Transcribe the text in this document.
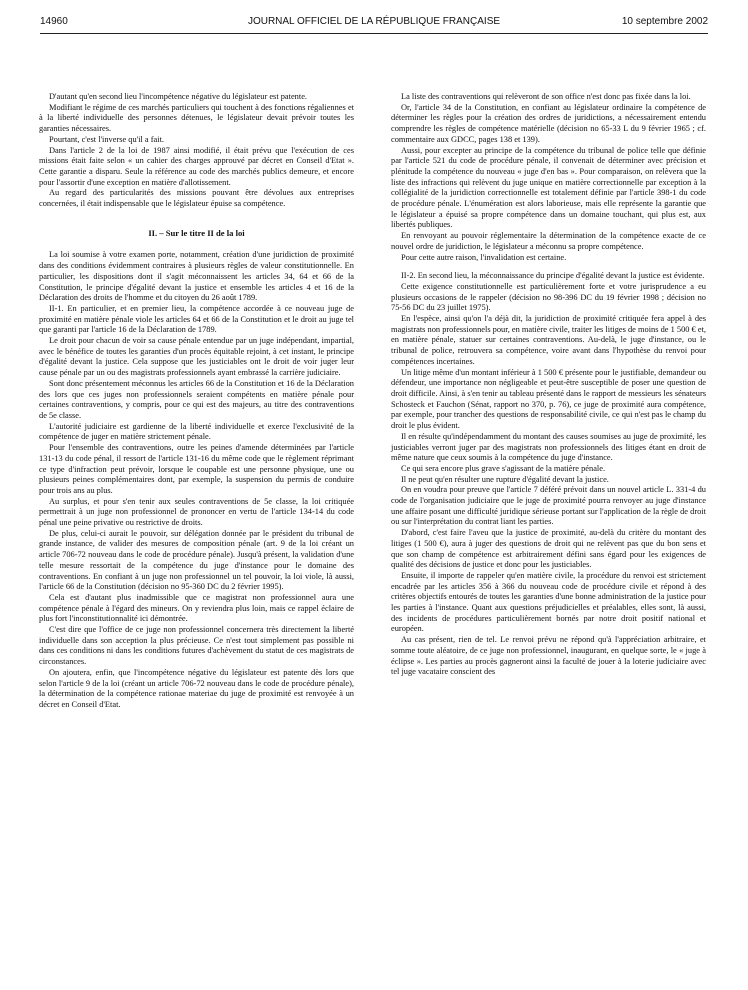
14960	JOURNAL OFFICIEL DE LA RÉPUBLIQUE FRANÇAISE	10 septembre 2002

D'autant qu'en second lieu l'incompétence négative du législateur est patente.

Modifiant le régime de ces marchés particuliers qui touchent à des fonctions régaliennes et à la liberté individuelle des personnes détenues, le législateur devait prévoir toutes les garanties nécessaires.

Pourtant, c'est l'inverse qu'il a fait.

Dans l'article 2 de la loi de 1987 ainsi modifié, il était prévu que l'exécution de ces missions était faite selon « un cahier des charges approuvé par décret en Conseil d'Etat ». Cette garantie a disparu. Seule la référence au code des marchés publics demeure, et encore pour l'assortir d'une exception en matière d'allotissement.

Au regard des particularités des missions pouvant être dévolues aux entreprises concernées, il était indispensable que le législateur épuise sa compétence.

II. – Sur le titre II de la loi

La loi soumise à votre examen porte, notamment, création d'une juridiction de proximité dans des conditions évidemment contraires à plusieurs règles de valeur constitutionnelle. En particulier, les dispositions dont il s'agit méconnaissent les articles 34, 64 et 66 de la Constitution, le principe d'égalité devant la justice et ensemble les articles 4 et 16 de la Déclaration des droits de l'homme et du citoyen du 26 août 1789.

II-1. En particulier, et en premier lieu, la compétence accordée à ce nouveau juge de proximité en matière pénale viole les articles 64 et 66 de la Constitution et le droit au juge tel que garanti par l'article 16 de la Déclaration de 1789.

Le droit pour chacun de voir sa cause pénale entendue par un juge indépendant, impartial, avec le bénéfice de toutes les garanties d'un procès équitable rejoint, à cet instant, le principe d'égalité devant la justice. Cela suppose que les justiciables ont le droit de voir juger leur cause pénale par un ou des magistrats professionnels ayant embrassé la carrière judiciaire.

Sont donc présentement méconnus les articles 66 de la Constitution et 16 de la Déclaration des lors que ces juges non professionnels seraient compétents en matière pénale pour certaines contraventions, y compris, pour ce qui est des majeurs, au titre des contraventions de 5e classe.

L'autorité judiciaire est gardienne de la liberté individuelle et exerce l'exclusivité de la compétence de juger en matière strictement pénale.

Pour l'ensemble des contraventions, outre les peines d'amende déterminées par l'article 131-13 du code pénal, il ressort de l'article 131-16 du même code que le règlement réprimant ce type d'infraction peut prévoir, lorsque le coupable est une personne physique, une ou plusieurs peines complémentaires dont, par exemple, la suspension du permis de conduire pour trois ans au plus.

Au surplus, et pour s'en tenir aux seules contraventions de 5e classe, la loi critiquée permettrait à un juge non professionnel de prononcer en vertu de l'article 134-14 du code pénal une peine privative ou restrictive de droits.

De plus, celui-ci aurait le pouvoir, sur délégation donnée par le président du tribunal de grande instance, de valider des mesures de composition pénale (art. 9 de la loi créant un article 706-72 nouveau dans le code de procédure pénale). Jusqu'à présent, la validation d'une telle mesure ressortait de la compétence du juge d'instance pour le domaine des contraventions. En confiant à un juge non professionnel un tel pouvoir, la loi viole, là aussi, l'article 66 de la Constitution (décision no 95-360 DC du 2 février 1995).

Cela est d'autant plus inadmissible que ce magistrat non professionnel aura une compétence pénale à l'égard des mineurs. On y reviendra plus loin, mais ce rappel éclaire de plus fort l'inconstitutionnalité ici démontrée.

C'est dire que l'office de ce juge non professionnel concernera très directement la liberté individuelle dans son acception la plus précieuse. Ce n'est tout simplement pas possible ni dans ces conditions ni dans les conditions futures d'achèvement du statut de ces magistrats de circonstances.

On ajoutera, enfin, que l'incompétence négative du législateur est patente dès lors que selon l'article 9 de la loi (créant un article 706-72 nouveau dans le code de procédure pénale), la détermination de la compétence rationae materiae du juge de proximité est renvoyée à un décret en Conseil d'Etat.

La liste des contraventions qui relèveront de son office n'est donc pas fixée dans la loi.

Or, l'article 34 de la Constitution, en confiant au législateur ordinaire la compétence de déterminer les règles pour la création des ordres de juridictions, a nécessairement entendu comprendre les règles de compétence matérielle (décision no 65-33 L du 9 février 1965 ; cf. commentaire aux GDCC, pages 138 et 139).

Aussi, pour excepter au principe de la compétence du tribunal de police telle que définie par l'article 521 du code de procédure pénale, il convenait de déterminer avec précision et plénitude la compétence du nouveau « juge d'en bas ». Pour comparaison, on relèvera que la liste des infractions qui relèvent du juge unique en matière correctionnelle par exception à la collégialité de la juridiction correctionnelle est totalement définie par l'article 398-1 du code de procédure pénale. L'énumération est alors laborieuse, mais elle représente la garantie que le législateur a épuisé sa propre compétence dans un domaine touchant, qui plus est, aux libertés publiques.

En renvoyant au pouvoir réglementaire la détermination de la compétence exacte de ce nouvel ordre de juridiction, le législateur a méconnu sa propre compétence.

Pour cette autre raison, l'invalidation est certaine.

II-2. En second lieu, la méconnaissance du principe d'égalité devant la justice est évidente.

Cette exigence constitutionnelle est particulièrement forte et votre jurisprudence a eu plusieurs occasions de le rappeler (décision no 98-396 DC du 19 février 1998 ; décision no 75-56 DC du 23 juillet 1975).

En l'espèce, ainsi qu'on l'a déjà dit, la juridiction de proximité critiquée fera appel à des magistrats non professionnels pour, en matière civile, traiter les litiges de moins de 1 500 € et, en matière pénale, statuer sur certaines contraventions. Au-delà, le juge d'instance, ou le tribunal de police, retrouvera sa compétence, voire avant dans l'hypothèse du renvoi pour compétences incertaines.

Un litige même d'un montant inférieur à 1 500 € présente pour le justifiable, demandeur ou défendeur, une importance non négligeable et peut-être susceptible de poser une question de droit difficile. Ainsi, à s'en tenir au tableau présenté dans le rapport de messieurs les sénateurs Schosteck et Fauchon (Sénat, rapport no 370, p. 76), ce juge de proximité aura compétence, par exemple, pour trancher des questions de responsabilité civile, ce qui n'est pas le champ du droit le plus évident.

Il en résulte qu'indépendamment du montant des causes soumises au juge de proximité, les justiciables verront juger par des magistrats non professionnels des litiges étant en droit de même nature que ceux soumis à la compétence du juge d'instance.

Ce qui sera encore plus grave s'agissant de la matière pénale.

Il ne peut qu'en résulter une rupture d'égalité devant la justice.

On en voudra pour preuve que l'article 7 déféré prévoit dans un nouvel article L. 331-4 du code de l'organisation judiciaire que le juge de proximité pourra renvoyer au juge d'instance une affaire posant une difficulté juridique sérieuse portant sur l'application de la règle de droit ou sur l'interprétation du contrat liant les parties.

D'abord, c'est faire l'aveu que la justice de proximité, au-delà du critère du montant des litiges (1 500 €), aura à juger des questions de droit qui ne relèvent pas que du bon sens et que son champ de compétence est arbitrairement défini sans égard pour les exigences de qualité des décisions de justice et donc pour les justiciables.

Ensuite, il importe de rappeler qu'en matière civile, la procédure du renvoi est strictement encadrée par les articles 356 à 366 du nouveau code de procédure civile et répond à des critères objectifs entourés de toutes les garanties d'une bonne administration de la justice pour les parties à l'instance. Quant aux questions préjudicielles et préalables, elles sont, là aussi, des incidents de procédures particulièrement bornés par notre droit positif national et européen.

Au cas présent, rien de tel. Le renvoi prévu ne répond qu'à l'appréciation arbitraire, et somme toute aléatoire, de ce juge non professionnel, inaugurant, en quelque sorte, le « juge à éclipse ». Les parties au procès gagneront ainsi la faculté de jouer à la loterie judiciaire avec tel juge vacataire conscient des
